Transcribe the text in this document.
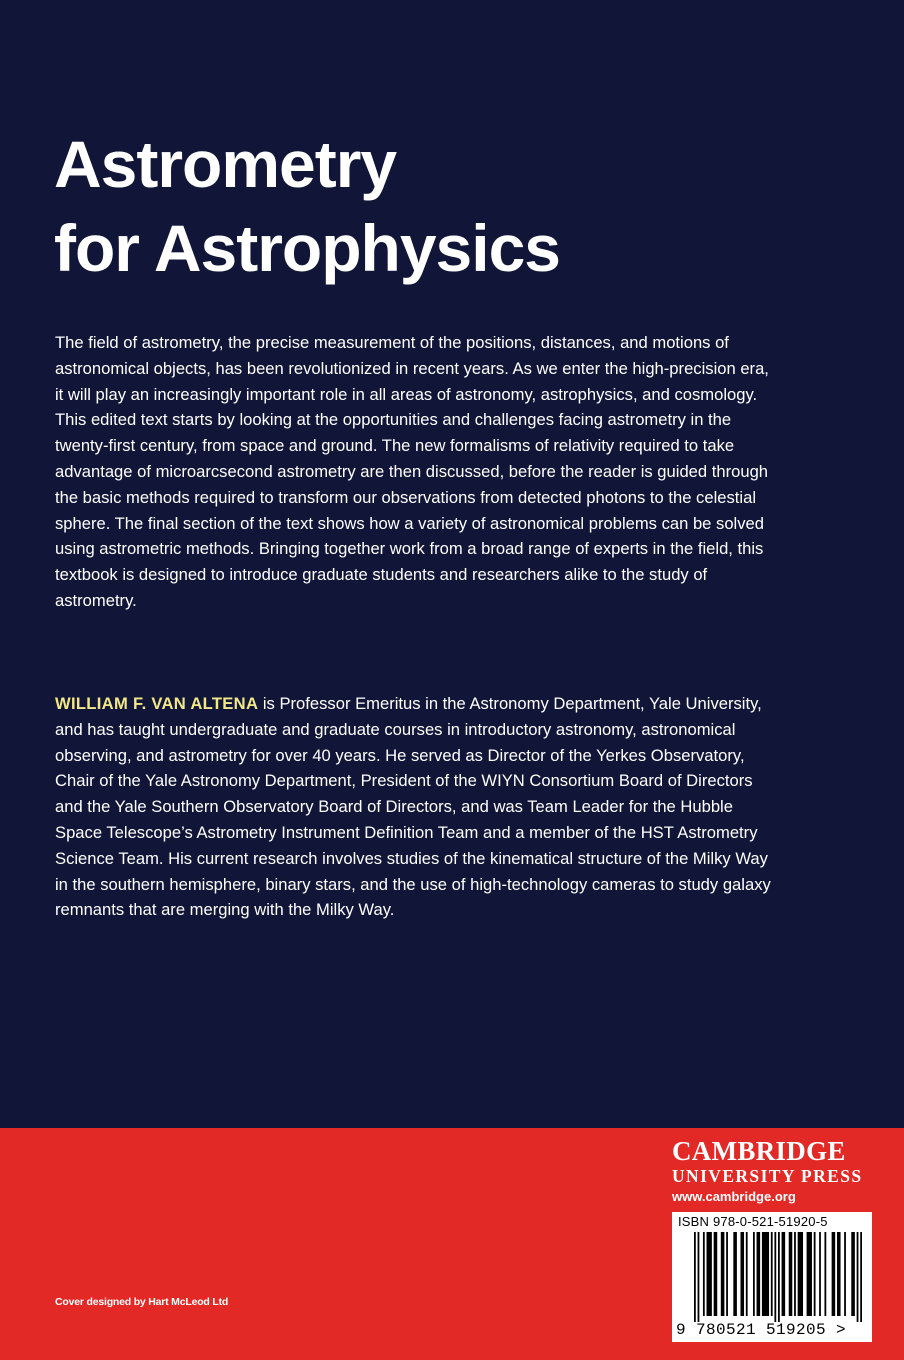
Astrometry
for Astrophysics
The field of astrometry, the precise measurement of the positions, distances, and motions of astronomical objects, has been revolutionized in recent years. As we enter the high-precision era, it will play an increasingly important role in all areas of astronomy, astrophysics, and cosmology. This edited text starts by looking at the opportunities and challenges facing astrometry in the twenty-first century, from space and ground. The new formalisms of relativity required to take advantage of microarcsecond astrometry are then discussed, before the reader is guided through the basic methods required to transform our observations from detected photons to the celestial sphere. The final section of the text shows how a variety of astronomical problems can be solved using astrometric methods. Bringing together work from a broad range of experts in the field, this textbook is designed to introduce graduate students and researchers alike to the study of astrometry.
WILLIAM F. VAN ALTENA is Professor Emeritus in the Astronomy Department, Yale University, and has taught undergraduate and graduate courses in introductory astronomy, astronomical observing, and astrometry for over 40 years. He served as Director of the Yerkes Observatory, Chair of the Yale Astronomy Department, President of the WIYN Consortium Board of Directors and the Yale Southern Observatory Board of Directors, and was Team Leader for the Hubble Space Telescope’s Astrometry Instrument Definition Team and a member of the HST Astrometry Science Team. His current research involves studies of the kinematical structure of the Milky Way in the southern hemisphere, binary stars, and the use of high-technology cameras to study galaxy remnants that are merging with the Milky Way.
Cover designed by Hart McLeod Ltd
CAMBRIDGE
UNIVERSITY PRESS
www.cambridge.org
ISBN 978-0-521-51920-5
9 780521 519205 >
